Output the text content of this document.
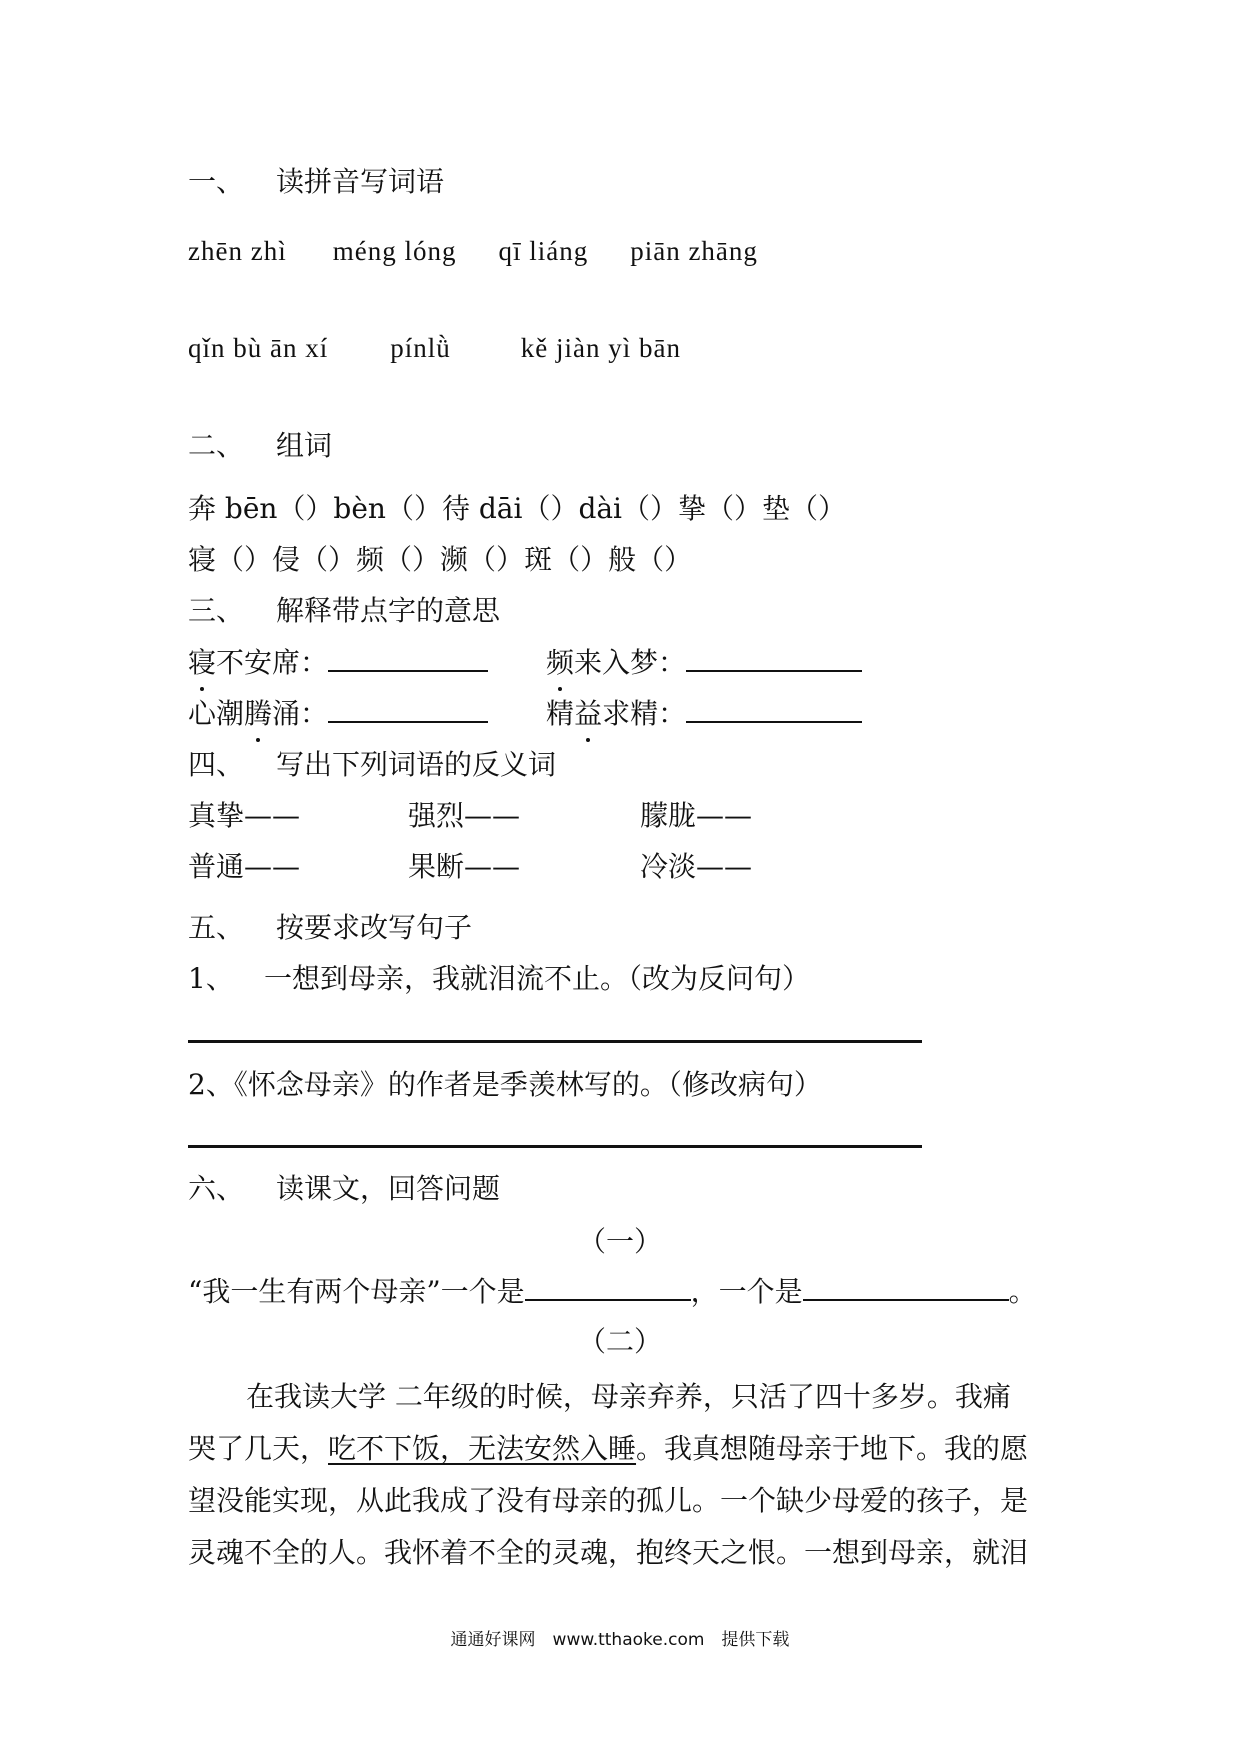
一、 读拼音写词语
zhēn zhì méng lóng qī liáng piān zhāng
qǐn bù ān xí pínlǜ	kě jiàn yì bān
二、 组词
奔 bēn（）bèn（）待 dāi（）dài（）挚（）垫（）
寝（）侵（）频（）濒（）斑（）般（）
三、 解释带点字的意思
寝不安席：	频来入梦：
心潮腾涌：	精益求精：
四、 写出下列词语的反义词
真挚——	强烈——	朦胧——
普通——	果断——	冷淡——
五、 按要求改写句子
1、 一想到母亲，我就泪流不止。（改为反问句）
2、《怀念母亲》的作者是季羡林写的。（修改病句）
六、 读课文，回答问题
（一）
“我一生有两个母亲”一个是	，一个是	。
（二）
在我读大学 二年级的时候，母亲弃养，只活了四十多岁。我痛
哭了几天，吃不下饭，无法安然入睡。我真想随母亲于地下。我的愿
望没能实现，从此我成了没有母亲的孤儿。一个缺少母爱的孩子，是
灵魂不全的人。我怀着不全的灵魂，抱终天之恨。一想到母亲，就泪
通通好课网　www.tthaoke.com　提供下载
